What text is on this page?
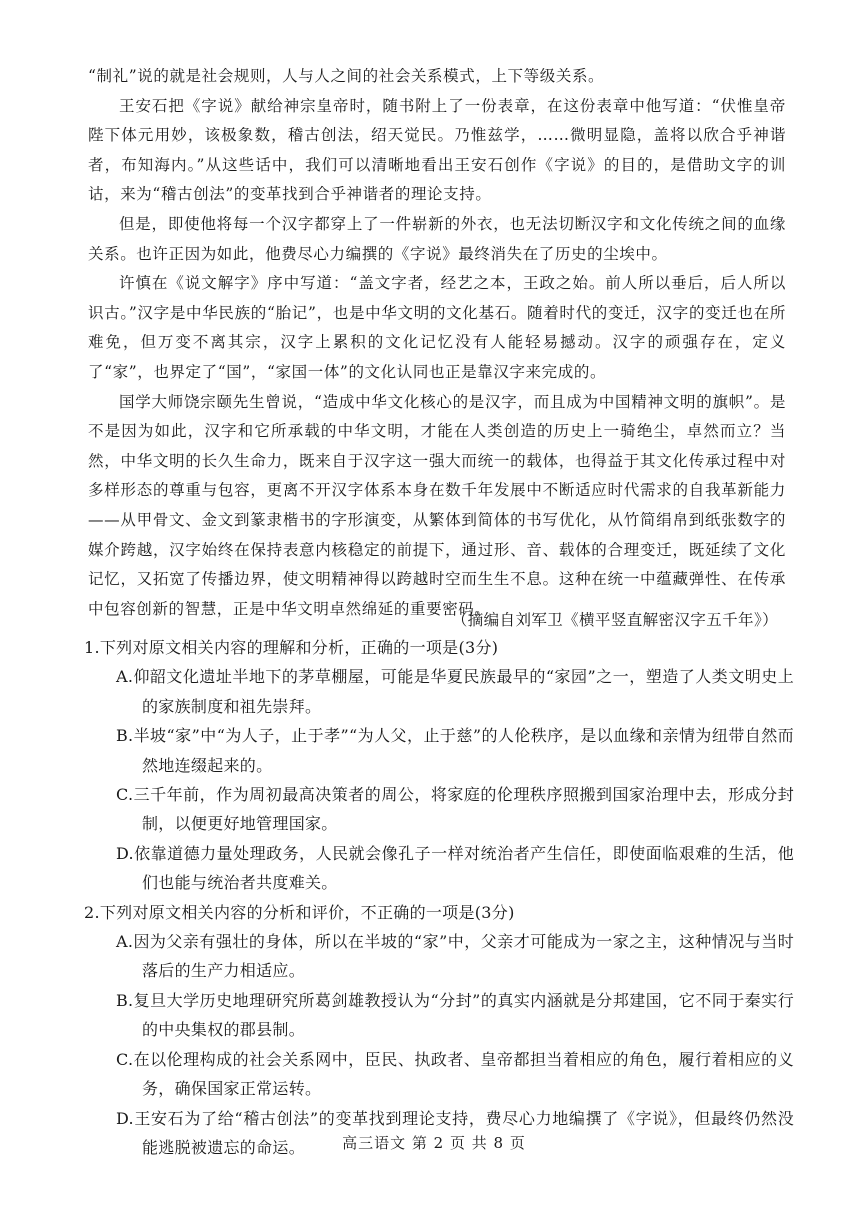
“制礼”说的就是社会规则，人与人之间的社会关系模式，上下等级关系。

王安石把《字说》献给神宗皇帝时，随书附上了一份表章，在这份表章中他写道：“伏惟皇帝陛下体元用妙，该极象数，稽古创法，绍天觉民。乃惟兹学，……微明显隐，盖将以欣合乎神谐者，布知海内。”从这些话中，我们可以清晰地看出王安石创作《字说》的目的，是借助文字的训诂，来为“稽古创法”的变革找到合乎神谐者的理论支持。

但是，即使他将每一个汉字都穿上了一件崭新的外衣，也无法切断汉字和文化传统之间的血缘关系。也许正因为如此，他费尽心力编撰的《字说》最终消失在了历史的尘埃中。

许慎在《说文解字》序中写道：“盖文字者，经艺之本，王政之始。前人所以垂后，后人所以识古。”汉字是中华民族的“胎记”，也是中华文明的文化基石。随着时代的变迁，汉字的变迁也在所难免，但万变不离其宗，汉字上累积的文化记忆没有人能轻易撼动。汉字的顽强存在，定义了“家”，也界定了“国”，“家国一体”的文化认同也正是靠汉字来完成的。

国学大师饶宗颐先生曾说，“造成中华文化核心的是汉字，而且成为中国精神文明的旗帜”。是不是因为如此，汉字和它所承载的中华文明，才能在人类创造的历史上一骑绝尘，卓然而立？当然，中华文明的长久生命力，既来自于汉字这一强大而统一的载体，也得益于其文化传承过程中对多样形态的尊重与包容，更离不开汉字体系本身在数千年发展中不断适应时代需求的自我革新能力——从甲骨文、金文到篆隶楷书的字形演变，从繁体到简体的书写优化，从竹简绢帛到纸张数字的媒介跨越，汉字始终在保持表意内核稳定的前提下，通过形、音、载体的合理变迁，既延续了文化记忆，又拓宽了传播边界，使文明精神得以跨越时空而生生不息。这种在统一中蕴藏弹性、在传承中包容创新的智慧，正是中华文明卓然绵延的重要密码。

（摘编自刘军卫《横平竖直解密汉字五千年》）

1.下列对原文相关内容的理解和分析，正确的一项是(3分)

A.仰韶文化遗址半地下的茅草棚屋，可能是华夏民族最早的“家园”之一，塑造了人类文明史上的家族制度和祖先崇拜。

B.半坡“家”中“为人子，止于孝”“为人父，止于慈”的人伦秩序，是以血缘和亲情为纽带自然而然地连缀起来的。

C.三千年前，作为周初最高决策者的周公，将家庭的伦理秩序照搬到国家治理中去，形成分封制，以便更好地管理国家。

D.依靠道德力量处理政务，人民就会像孔子一样对统治者产生信任，即使面临艰难的生活，他们也能与统治者共度难关。

2.下列对原文相关内容的分析和评价，不正确的一项是(3分)

A.因为父亲有强壮的身体，所以在半坡的“家”中，父亲才可能成为一家之主，这种情况与当时落后的生产力相适应。

B.复旦大学历史地理研究所葛剑雄教授认为“分封”的真实内涵就是分邦建国，它不同于秦实行的中央集权的郡县制。

C.在以伦理构成的社会关系网中，臣民、执政者、皇帝都担当着相应的角色，履行着相应的义务，确保国家正常运转。

D.王安石为了给“稽古创法”的变革找到理论支持，费尽心力地编撰了《字说》，但最终仍然没能逃脱被遗忘的命运。	高三语文 第 2 页 共 8 页
